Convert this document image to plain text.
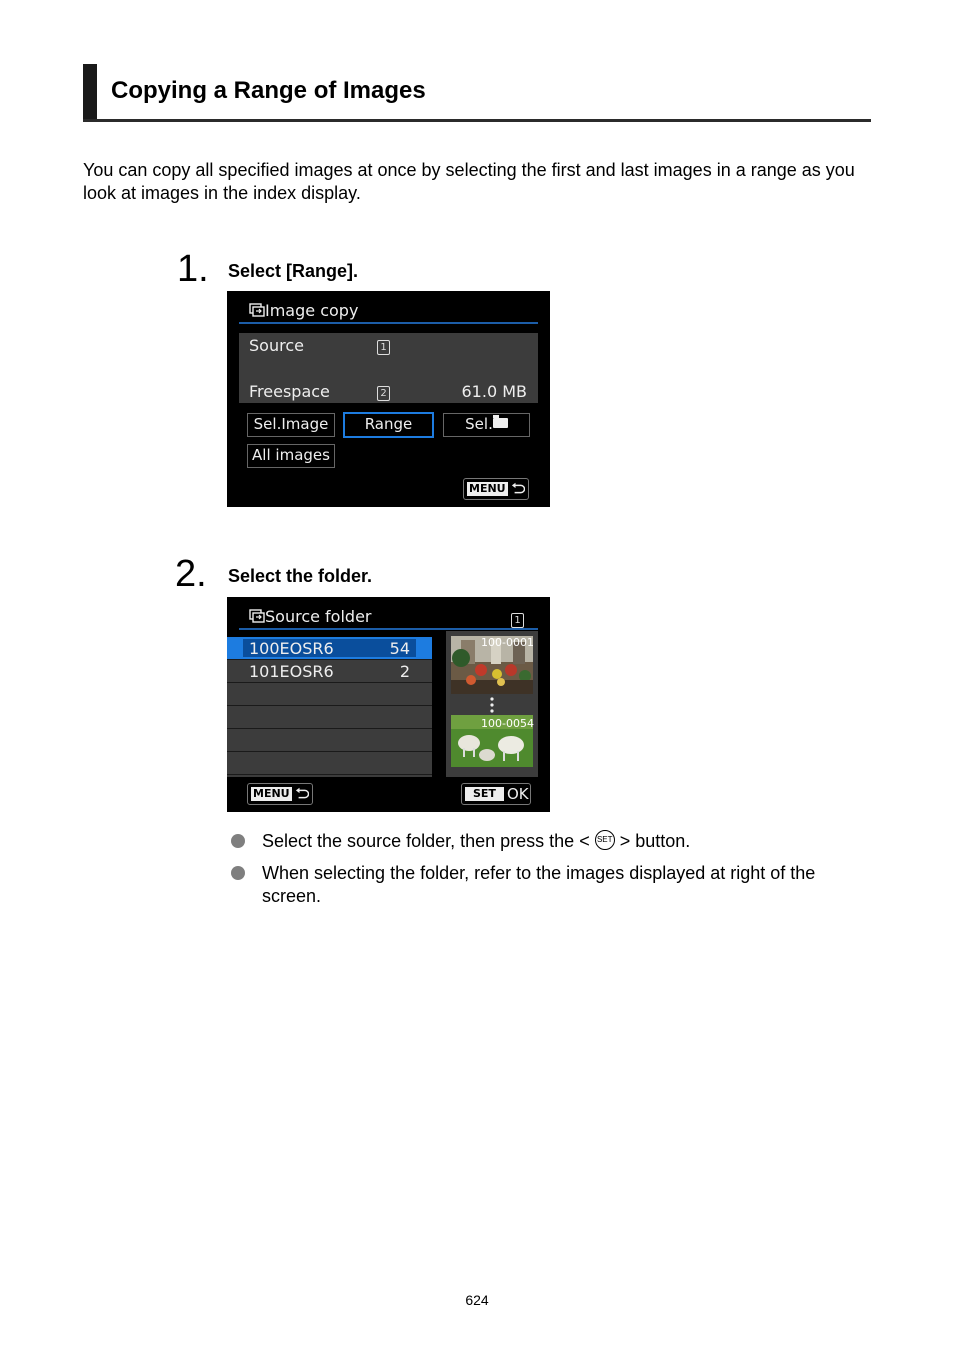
Copying a Range of Images
You can copy all specified images at once by selecting the first and last images in a range as you look at images in the index display.
1. Select [Range].
Image copy
Source	1
Freespace	2	61.0 MB
Sel.Image	Range	Sel.
All images
MENU
2. Select the folder.
Source folder	1
100EOSR6	54
101EOSR6	2
100-0001
100-0054
MENU	SET OK
Select the source folder, then press the < SET > button.
When selecting the folder, refer to the images displayed at right of the screen.
624
